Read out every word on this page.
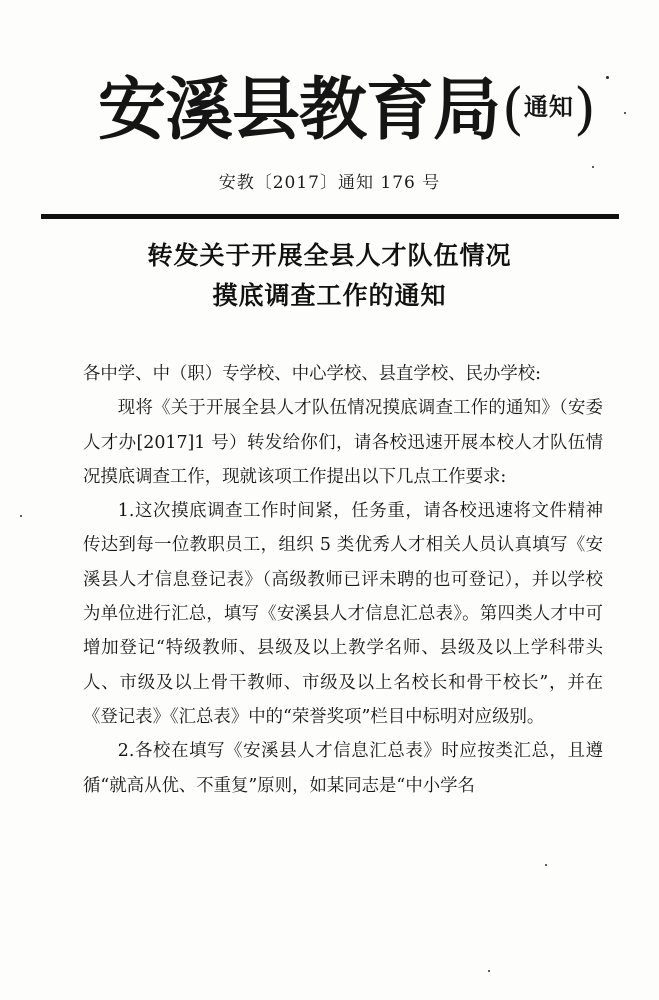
安溪县教育局(通知)
安教〔2017〕通知 176 号
转发关于开展全县人才队伍情况
摸底调查工作的通知

各中学、中（职）专学校、中心学校、县直学校、民办学校:

现将《关于开展全县人才队伍情况摸底调查工作的通知》（安委人才办[2017]1 号）转发给你们，请各校迅速开展本校人才队伍情况摸底调查工作，现就该项工作提出以下几点工作要求:

1.这次摸底调查工作时间紧，任务重，请各校迅速将文件精神传达到每一位教职员工，组织 5 类优秀人才相关人员认真填写《安溪县人才信息登记表》（高级教师已评未聘的也可登记），并以学校为单位进行汇总，填写《安溪县人才信息汇总表》。第四类人才中可增加登记“特级教师、县级及以上教学名师、县级及以上学科带头人、市级及以上骨干教师、市级及以上名校长和骨干校长”，并在《登记表》《汇总表》中的“荣誉奖项”栏目中标明对应级别。

2.各校在填写《安溪县人才信息汇总表》时应按类汇总，且遵循“就高从优、不重复”原则，如某同志是“中小学名
